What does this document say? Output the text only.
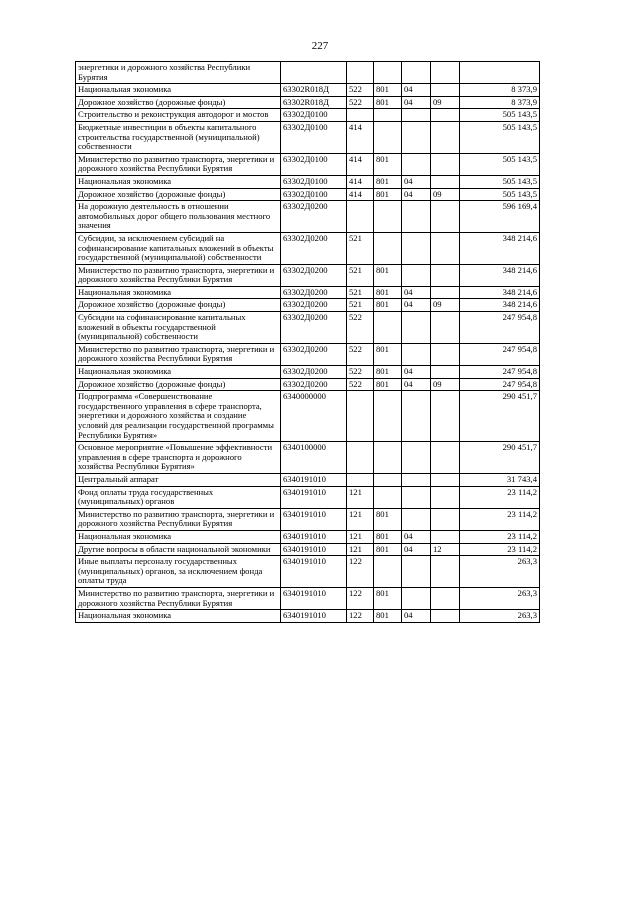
227
энергетики и дорожного хозяйства Республики Бурятия						
Национальная экономика	63302R018Д	522	801	04		8 373,9
Дорожное хозяйство (дорожные фонды)	63302R018Д	522	801	04	09	8 373,9
Строительство и реконструкция автодорог и мостов	63302Д0100					505 143,5
Бюджетные инвестиции в объекты капитального строительства государственной (муниципальной) собственности	63302Д0100	414				505 143,5
Министерство по развитию транспорта, энергетики и дорожного хозяйства Республики Бурятия	63302Д0100	414	801			505 143,5
Национальная экономика	63302Д0100	414	801	04		505 143,5
Дорожное хозяйство (дорожные фонды)	63302Д0100	414	801	04	09	505 143,5
На дорожную деятельность в отношении автомобильных дорог общего пользования местного значения	63302Д0200					596 169,4
Субсидии, за исключением субсидий на софинансирование капитальных вложений в объекты государственной (муниципальной) собственности	63302Д0200	521				348 214,6
Министерство по развитию транспорта, энергетики и дорожного хозяйства Республики Бурятия	63302Д0200	521	801			348 214,6
Национальная экономика	63302Д0200	521	801	04		348 214,6
Дорожное хозяйство (дорожные фонды)	63302Д0200	521	801	04	09	348 214,6
Субсидии на софинансирование капитальных вложений в объекты государственной (муниципальной) собственности	63302Д0200	522				247 954,8
Министерство по развитию транспорта, энергетики и дорожного хозяйства Республики Бурятия	63302Д0200	522	801			247 954,8
Национальная экономика	63302Д0200	522	801	04		247 954,8
Дорожное хозяйство (дорожные фонды)	63302Д0200	522	801	04	09	247 954,8
Подпрограмма «Совершенствование государственного управления в сфере транспорта, энергетики и дорожного хозяйства и создание условий для реализации государственной программы Республики Бурятия»	6340000000					290 451,7
Основное мероприятие «Повышение эффективности управления в сфере транспорта и дорожного хозяйства Республики Бурятия»	6340100000					290 451,7
Центральный аппарат	6340191010					31 743,4
Фонд оплаты труда государственных (муниципальных) органов	6340191010	121				23 114,2
Министерство по развитию транспорта, энергетики и дорожного хозяйства Республики Бурятия	6340191010	121	801			23 114,2
Национальная экономика	6340191010	121	801	04		23 114,2
Другие вопросы в области национальной экономики	6340191010	121	801	04	12	23 114,2
Иные выплаты персоналу государственных (муниципальных) органов, за исключением фонда оплаты труда	6340191010	122				263,3
Министерство по развитию транспорта, энергетики и дорожного хозяйства Республики Бурятия	6340191010	122	801			263,3
Национальная экономика	6340191010	122	801	04		263,3
